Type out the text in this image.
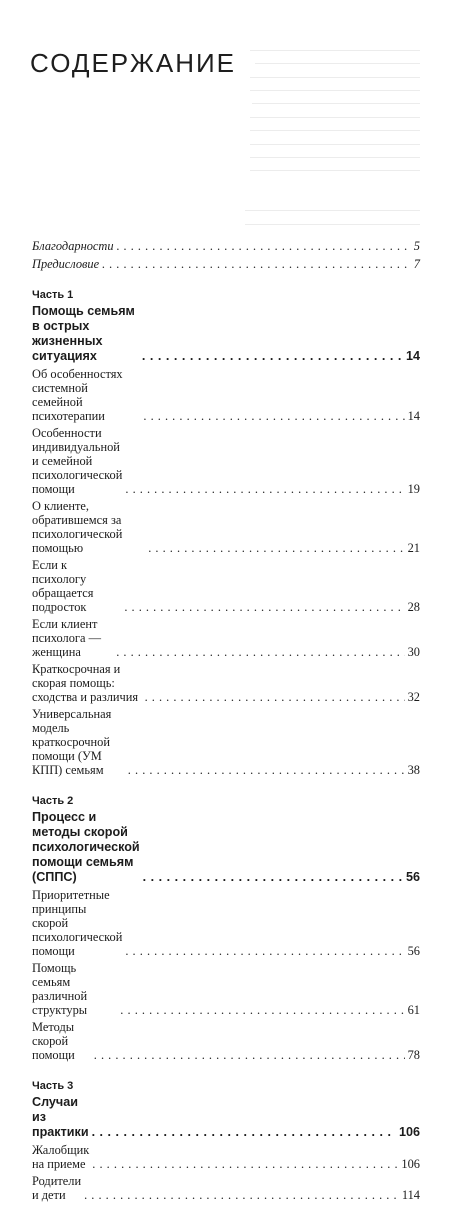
СОДЕРЖАНИЕ
Благодарности . . .	5
Предисловие . . .	7
Часть 1
Помощь семьям в острых жизненных ситуациях . . .	14
Об особенностях системной семейной психотерапии . . .	14
Особенности индивидуальной
и семейной психологической помощи . . .	19
О клиенте, обратившемся за психологической помощью . . .	21
Если к психологу обращается подросток . . .	28
Если клиент психолога — женщина . . .	30
Краткосрочная и скорая помощь: сходства и различия . . .	32
Универсальная модель
краткосрочной помощи (УМ КПП) семьям . . .	38
Часть 2
Процесс и методы скорой психологической
помощи семьям (СППС) . . .	56
Приоритетные принципы
скорой психологической помощи . . .	56
Помощь семьям различной структуры . . .	61
Методы скорой помощи . . .	78
Часть 3
Случаи из практики . . .	106
Жалобщик на приеме . . .	106
Родители и дети . . .	114
